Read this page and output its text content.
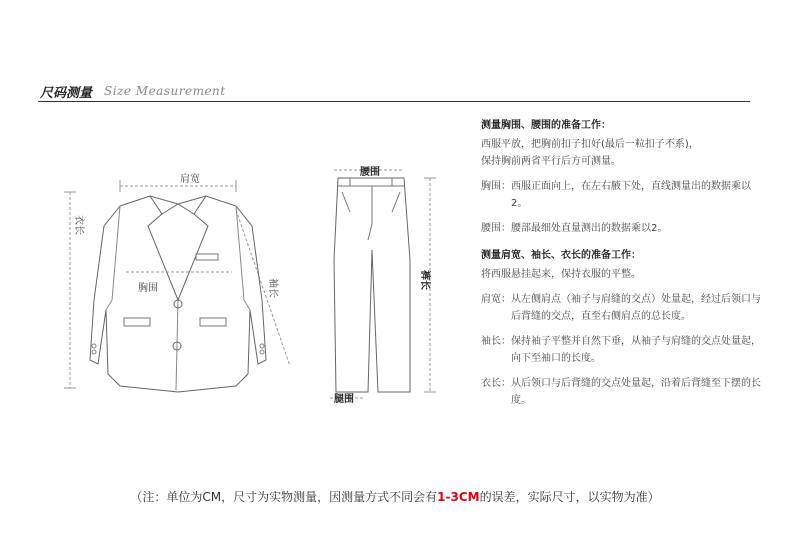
尺码测量 Size Measurement
肩宽
衣长
胸围	袖长
腰围
腿围
裤长

测量胸围、腰围的准备工作：

西服平放，把胸前扣子扣好(最后一粒扣子不系)，

保持胸前两省平行后方可测量。

胸围： 西服正面向上，在左右腋下处，直线测量出的数据乘以2。
腰围： 腰部最细处直量测出的数据乘以2。

测量肩宽、袖长、衣长的准备工作：

将西服悬挂起来，保持衣服的平整。

肩宽： 从左侧肩点（袖子与肩缝的交点）处量起，经过后领口与后背缝的交点，直至右侧肩点的总长度。
袖长： 保持袖子平整并自然下垂，从袖子与肩缝的交点处量起，向下至袖口的长度。
衣长： 从后领口与后背缝的交点处量起，沿着后背缝至下摆的长度。
（注：单位为CM，尺寸为实物测量，因测量方式不同会有1-3CM的误差，实际尺寸，以实物为准）
